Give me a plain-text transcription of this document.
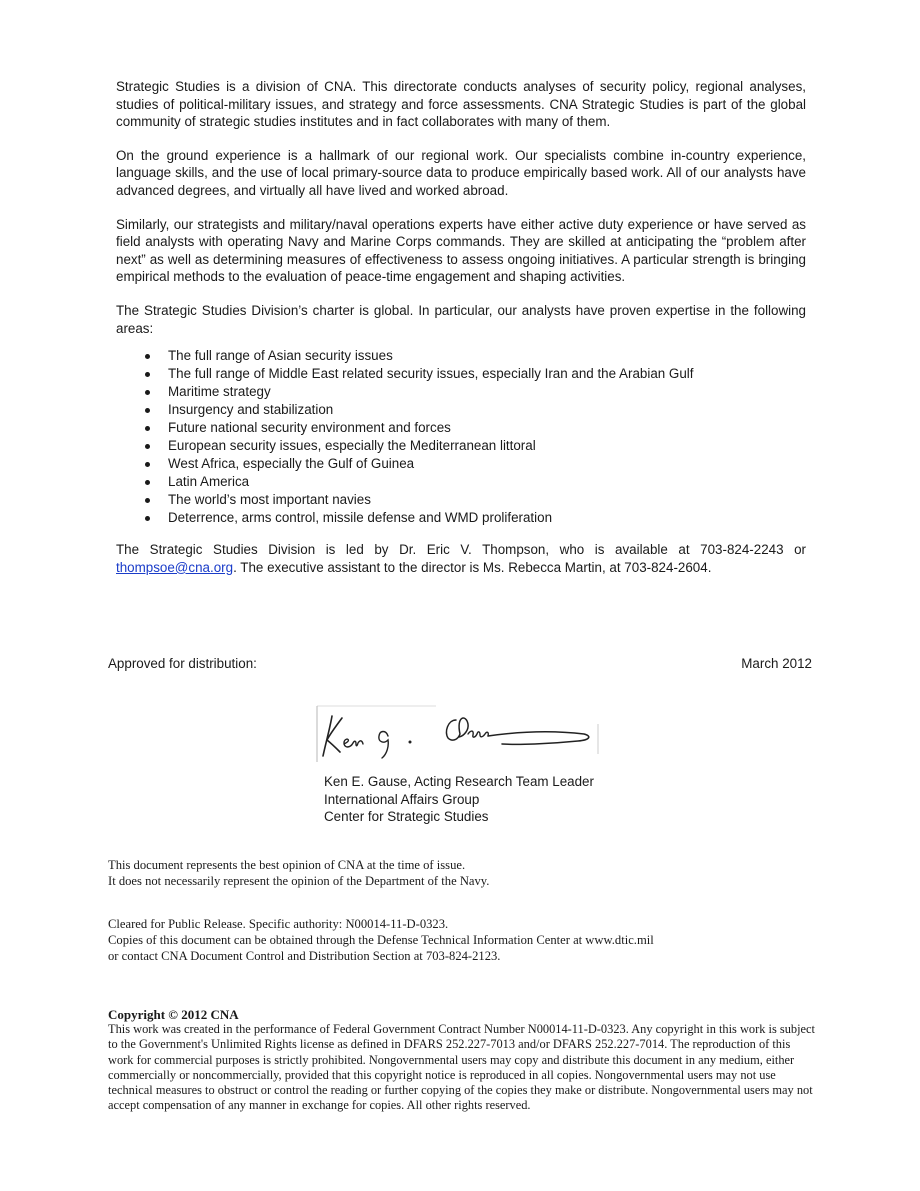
Strategic Studies is a division of CNA. This directorate conducts analyses of security policy, regional analyses, studies of political-military issues, and strategy and force assessments. CNA Strategic Studies is part of the global community of strategic studies institutes and in fact collaborates with many of them.

On the ground experience is a hallmark of our regional work. Our specialists combine in-country experience, language skills, and the use of local primary-source data to produce empirically based work. All of our analysts have advanced degrees, and virtually all have lived and worked abroad.

Similarly, our strategists and military/naval operations experts have either active duty experience or have served as field analysts with operating Navy and Marine Corps commands. They are skilled at anticipating the “problem after next” as well as determining measures of effectiveness to assess ongoing initiatives. A particular strength is bringing empirical methods to the evaluation of peace-time engagement and shaping activities.

The Strategic Studies Division’s charter is global. In particular, our analysts have proven expertise in the following areas:

The full range of Asian security issues
The full range of Middle East related security issues, especially Iran and the Arabian Gulf
Maritime strategy
Insurgency and stabilization
Future national security environment and forces
European security issues, especially the Mediterranean littoral
West Africa, especially the Gulf of Guinea
Latin America
The world’s most important navies
Deterrence, arms control, missile defense and WMD proliferation

The Strategic Studies Division is led by Dr. Eric V. Thompson, who is available at 703-824-2243 or thompsoe@cna.org. The executive assistant to the director is Ms. Rebecca Martin, at 703-824-2604.

Approved for distribution:	March 2012
Ken E. Gause, Acting Research Team Leader
International Affairs Group
Center for Strategic Studies
This document represents the best opinion of CNA at the time of issue.
It does not necessarily represent the opinion of the Department of the Navy.
Cleared for Public Release. Specific authority: N00014-11-D-0323.
Copies of this document can be obtained through the Defense Technical Information Center at www.dtic.mil
or contact CNA Document Control and Distribution Section at 703-824-2123.
Copyright © 2012 CNA
This work was created in the performance of Federal Government Contract Number N00014-11-D-0323. Any copyright in this work is subject to the Government's Unlimited Rights license as defined in DFARS 252.227-7013 and/or DFARS 252.227-7014. The reproduction of this work for commercial purposes is strictly prohibited. Nongovernmental users may copy and distribute this document in any medium, either commercially or noncommercially, provided that this copyright notice is reproduced in all copies. Nongovernmental users may not use technical measures to obstruct or control the reading or further copying of the copies they make or distribute. Nongovernmental users may not accept compensation of any manner in exchange for copies. All other rights reserved.
